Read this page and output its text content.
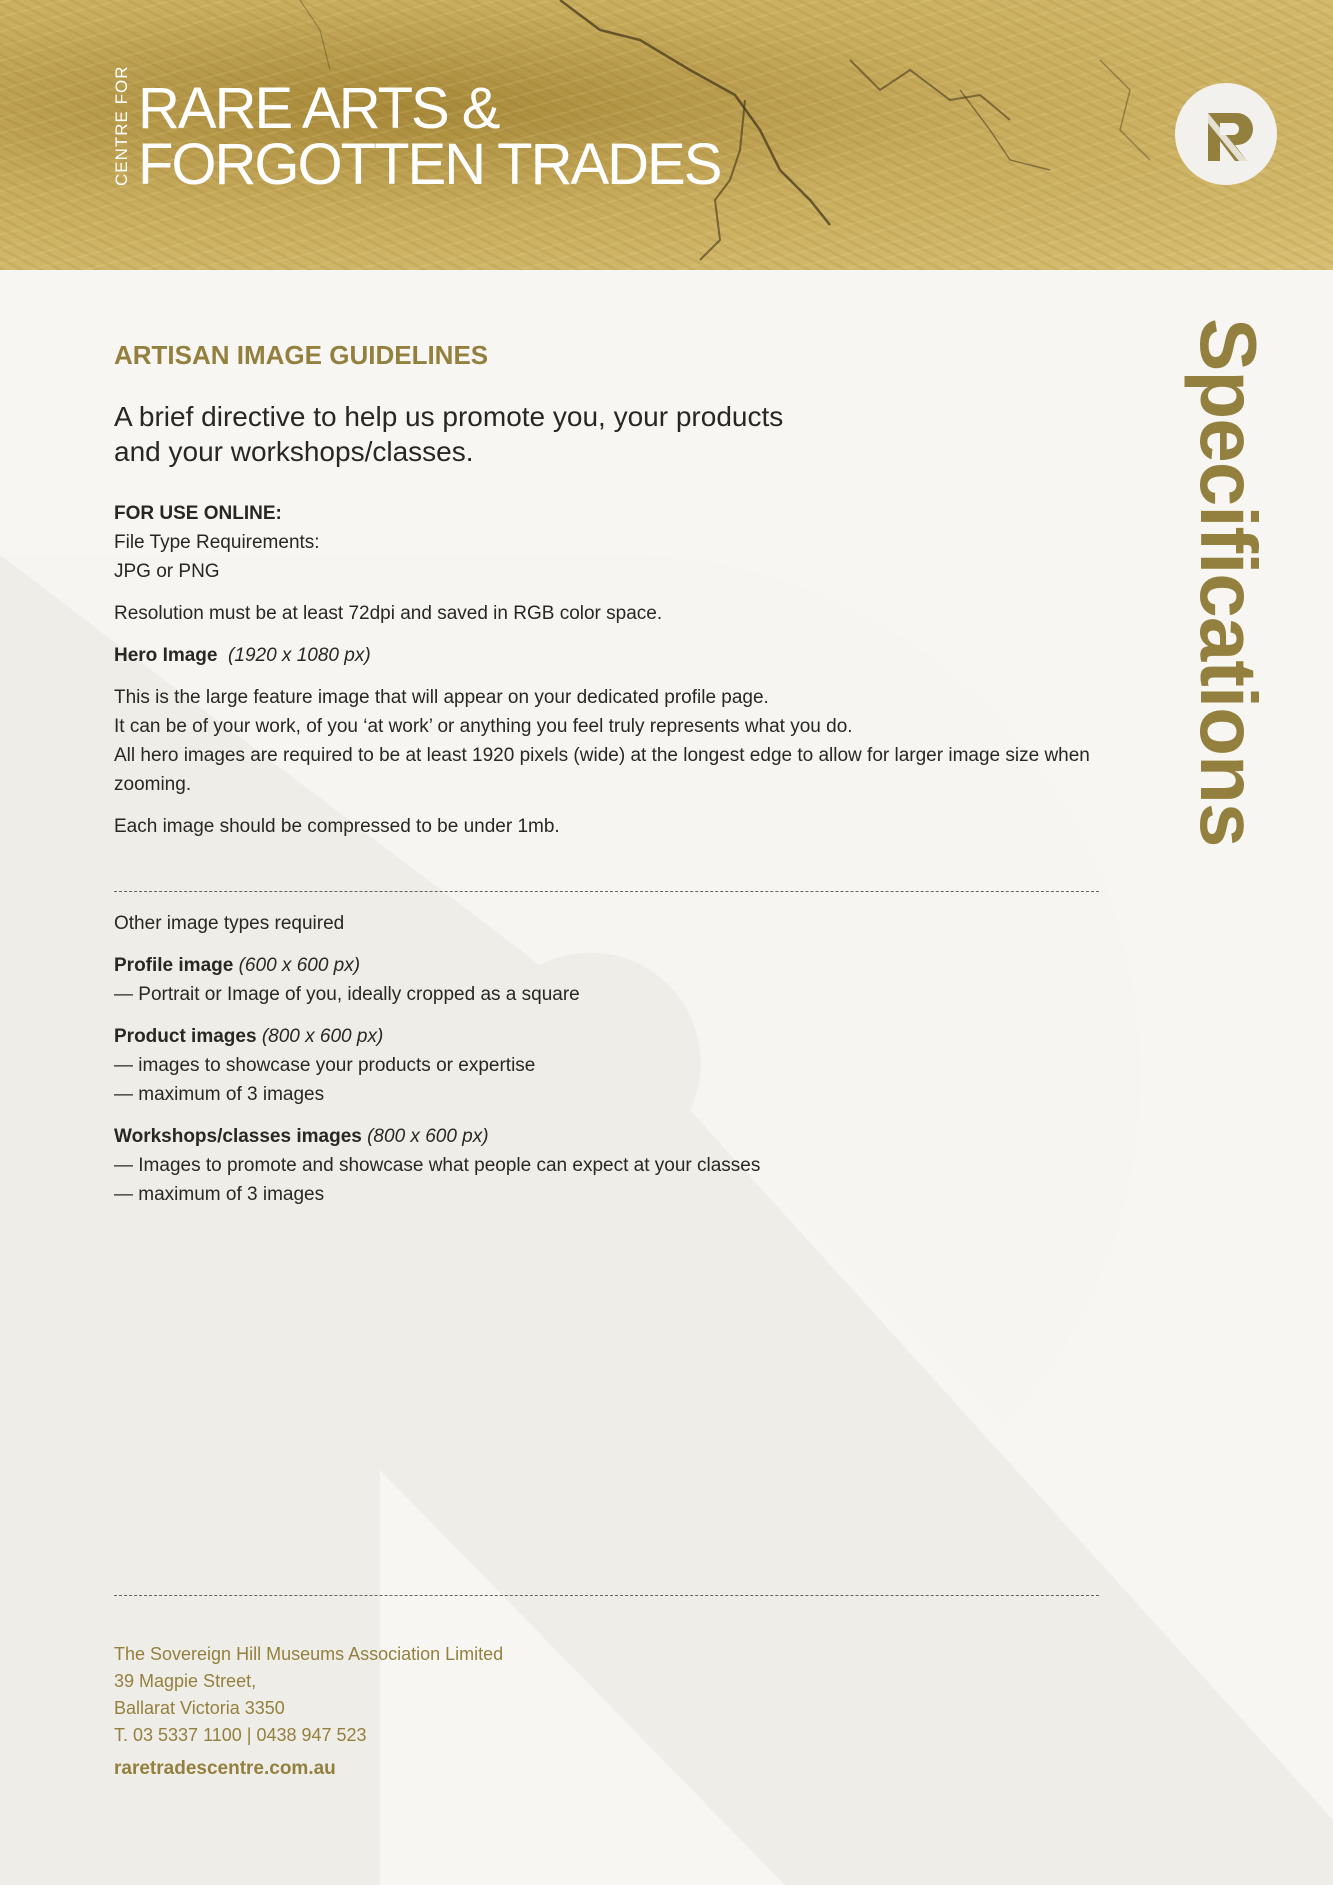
CENTRE FOR RARE ARTS &
FORGOTTEN TRADES
Specifications
ARTISAN IMAGE GUIDELINES

A brief directive to help us promote you, your products and your workshops/classes.

FOR USE ONLINE:

File Type Requirements:

JPG or PNG

Resolution must be at least 72dpi and saved in RGB color space.

Hero Image (1920 x 1080 px)

This is the large feature image that will appear on your dedicated profile page.

It can be of your work, of you ‘at work’ or anything you feel truly represents what you do.

All hero images are required to be at least 1920 pixels (wide) at the longest edge to allow for larger image size when zooming.

Each image should be compressed to be under 1mb.

Other image types required

Profile image (600 x 600 px)

— Portrait or Image of you, ideally cropped as a square

Product images (800 x 600 px)

— images to showcase your products or expertise

— maximum of 3 images

Workshops/classes images (800 x 600 px)

— Images to promote and showcase what people can expect at your classes

— maximum of 3 images

The Sovereign Hill Museums Association Limited
39 Magpie Street,
Ballarat Victoria 3350
T. 03 5337 1100 | 0438 947 523
raretradescentre.com.au
